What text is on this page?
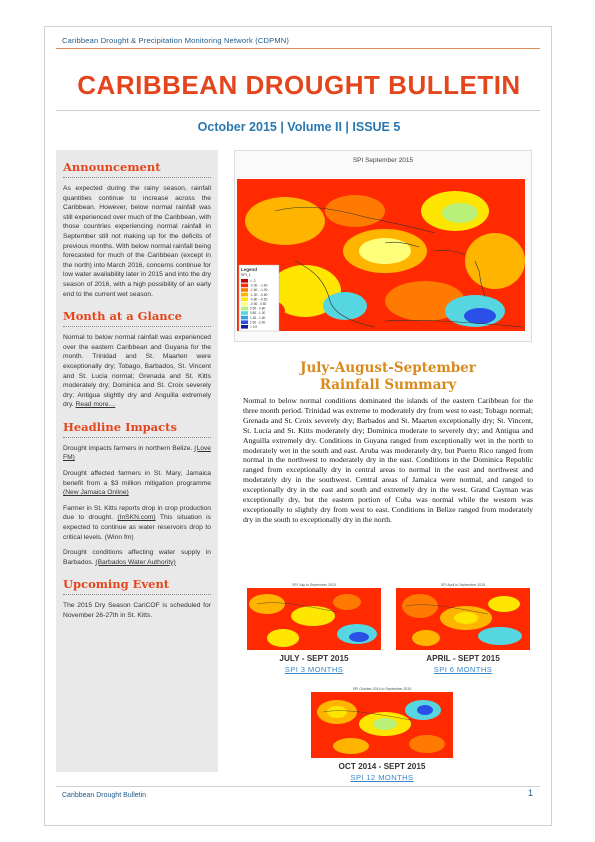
Caribbean Drought & Precipitation Monitoring Network (CDPMN)
CARIBBEAN DROUGHT BULLETIN
October 2015 | Volume II | ISSUE 5
Announcement
As expected during the rainy season, rainfall quantities continue to increase across the Caribbean. However, below normal rainfall was still experienced over much of the Caribbean, with those countries experiencing normal rainfall in September still not making up for the deficits of previous months. With below normal rainfall being forecasted for much of the Caribbean (except in the north) into March 2016, concerns continue for low water availability later in 2015 and into the dry season of 2016, with a high possibility of an early end to the current wet season.
Month at a Glance
Normal to below normal rainfall was experienced over the eastern Caribbean and Guyana for the month. Trinidad and St. Maarten were exceptionally dry; Tobago, Barbados, St. Vincent and St. Lucia normal; Grenada and St. Kitts moderately dry; Dominica and St. Croix severely dry; Antigua slightly dry and Anguilla extremely dry. Read more…
Headline Impacts
Drought impacts farmers in northern Belize. (Love FM)
Drought affected farmers in St. Mary, Jamaica benefit from a $3 million mitigation programme (New Jamaica Online)
Farmer in St. Kitts reports drop in crop production due to drought. (InSKN.com) This situation is expected to continue as water reservoirs drop to critical levels. (Winn fm)
Drought conditions affecting water supply in Barbados. (Barbados Water Authority)
Upcoming Event
The 2015 Dry Season CariCOF is scheduled for November 26-27th in St. Kitts.
SPI September 2015
Legend
SPI_1
< -2
-2.00 - -1.60
-1.60 - -1.30
-1.30 - -0.80
-0.80 - -0.50
-0.50 - 0.50
0.50 - 0.80
0.80 - 1.30
1.30 - 1.60
1.60 - 2.00
> 2.0
July-August-September
Rainfall Summary
Normal to below normal conditions dominated the islands of the eastern Caribbean for the three month period. Trinidad was extreme to moderately dry from west to east; Tobago normal; Grenada and St. Croix severely dry; Barbados and St. Maarten exceptionally dry; St. Vincent, St. Lucia and St. Kitts moderately dry; Dominica moderate to severely dry; and Antigua and Anguilla extremely dry. Conditions in Guyana ranged from exceptionally wet in the north to moderately wet in the south and east. Aruba was moderately dry, but Puerto Rico ranged from normal in the northwest to moderately dry in the east. Conditions in the Dominica Republic ranged from exceptionally dry in central areas to normal in the east and northwest and moderately dry in the southwest. Central areas of Jamaica were normal, and ranged to exceptionally dry in the east and south and extremely dry in the west. Grand Cayman was exceptionally dry, but the eastern portion of Cuba was normal while the western was exceptionally to slightly dry from west to east. Conditions in Belize ranged from moderately dry in the south to exceptionally dry in the north.
SPI July to September 2015
JULY - SEPT 2015
SPI 3 MONTHS
SPI April to September 2015
APRIL - SEPT 2015
SPI 6 MONTHS
SPI October 2014 to September 2015
OCT 2014 - SEPT 2015
SPI 12 MONTHS
Caribbean Drought Bulletin	1
